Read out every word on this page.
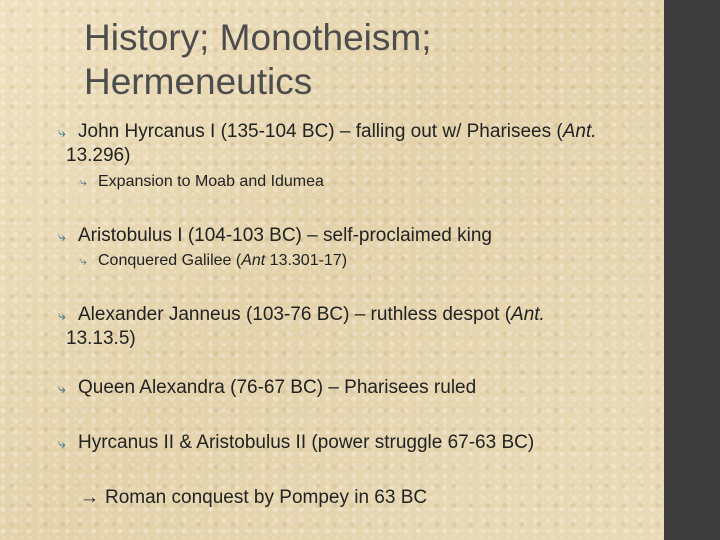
History; Monotheism;
Hermeneutics
⤷ John Hyrcanus I (135-104 BC) – falling out w/ Pharisees (Ant.
13.296)
⤷ Expansion to Moab and Idumea
⤷ Aristobulus I (104-103 BC) – self-proclaimed king
⤷ Conquered Galilee (Ant 13.301-17)
⤷ Alexander Janneus (103-76 BC) – ruthless despot (Ant.
13.13.5)
⤷ Queen Alexandra (76-67 BC) – Pharisees ruled
⤷ Hyrcanus II & Aristobulus II (power struggle 67-63 BC)
→ Roman conquest by Pompey in 63 BC
